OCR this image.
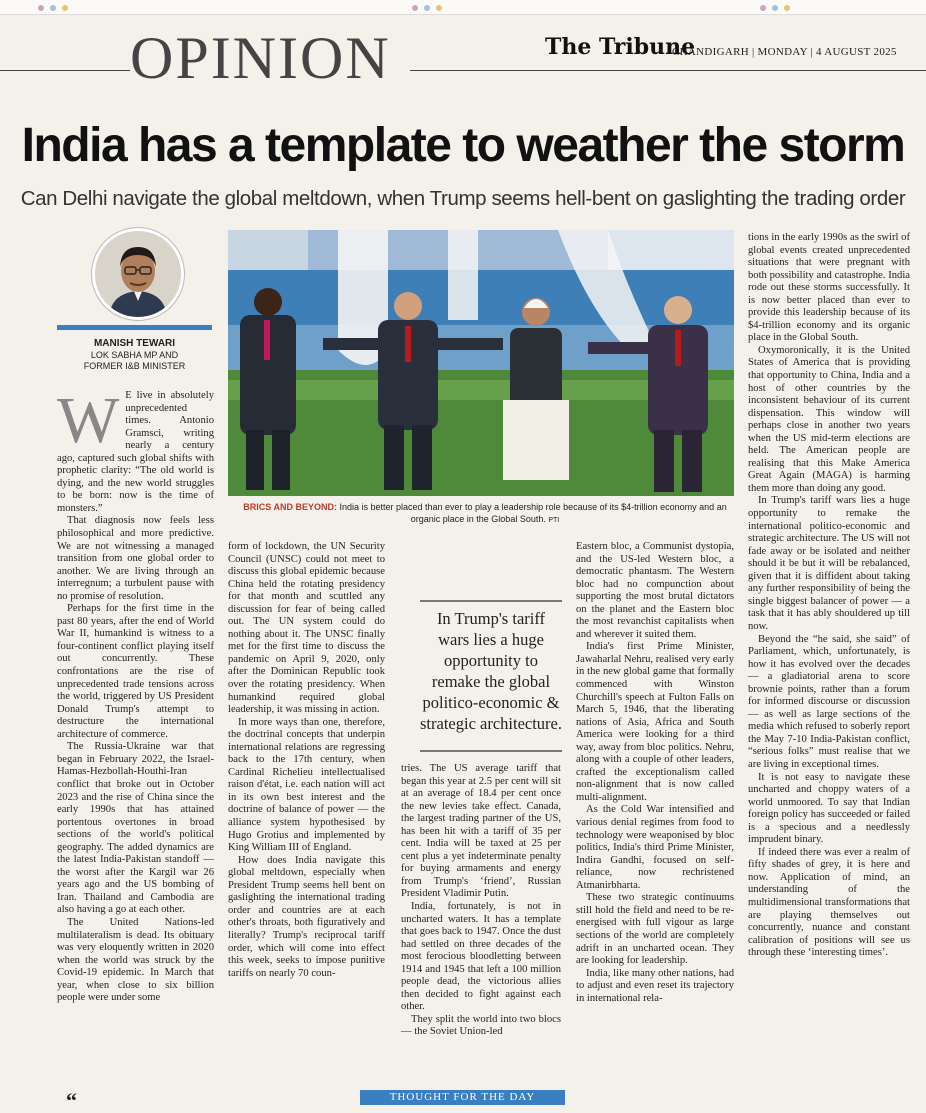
OPINION	The Tribune
CHANDIGARH | MONDAY | 4 AUGUST 2025
India has a template to weather the storm
Can Delhi navigate the global meltdown, when Trump seems hell-bent on gaslighting the trading order
MANISH TEWARI
LOK SABHA MP AND
FORMER I&B MINISTER
BRICS AND BEYOND: India is better placed than ever to play a leadership role because of its $4-trillion economy and an organic place in the Global South. PTI

W E live in absolutely unprecedented times. Antonio Gramsci, writing nearly a century ago, captured such global shifts with prophetic clarity: “The old world is dying, and the new world struggles to be born: now is the time of monsters.”

That diagnosis now feels less philosophical and more predictive. We are not witnessing a managed transition from one global order to another. We are living through an interregnum; a turbulent pause with no promise of resolution.

Perhaps for the first time in the past 80 years, after the end of World War II, humankind is witness to a four-continent conflict playing itself out concurrently. These confrontations are the rise of unprecedented trade tensions across the world, triggered by US President Donald Trump's attempt to destructure the international architecture of commerce.

The Russia-Ukraine war that began in February 2022, the Israel-Hamas-Hezbollah-Houthi-Iran conflict that broke out in October 2023 and the rise of China since the early 1990s that has attained portentous overtones in broad sections of the world's political geography. The added dynamics are the latest India-Pakistan standoff — the worst after the Kargil war 26 years ago and the US bombing of Iran. Thailand and Cambodia are also having a go at each other.

The United Nations-led multilateralism is dead. Its obituary was very eloquently written in 2020 when the world was struck by the Covid-19 epidemic. In March that year, when close to six billion people were under some

form of lockdown, the UN Security Council (UNSC) could not meet to discuss this global epidemic because China held the rotating presidency for that month and scuttled any discussion for fear of being called out. The UN system could do nothing about it. The UNSC finally met for the first time to discuss the pandemic on April 9, 2020, only after the Dominican Republic took over the rotating presidency. When humankind required global leadership, it was missing in action.

In more ways than one, therefore, the doctrinal concepts that underpin international relations are regressing back to the 17th century, when Cardinal Richelieu intellectualised raison d'état, i.e. each nation will act in its own best interest and the doctrine of balance of power — the alliance system hypothesised by Hugo Grotius and implemented by King William III of England.

How does India navigate this global meltdown, especially when President Trump seems hell bent on gaslighting the international trading order and countries are at each other's throats, both figuratively and literally? Trump's reciprocal tariff order, which will come into effect this week, seeks to impose punitive tariffs on nearly 70 coun-

In Trump's tariff wars lies a huge opportunity to remake the global politico-economic & strategic architecture.

tries. The US average tariff that began this year at 2.5 per cent will sit at an average of 18.4 per cent once the new levies take effect. Canada, the largest trading partner of the US, has been hit with a tariff of 35 per cent. India will be taxed at 25 per cent plus a yet indeterminate penalty for buying armaments and energy from Trump's ‘friend’, Russian President Vladimir Putin.

India, fortunately, is not in uncharted waters. It has a template that goes back to 1947. Once the dust had settled on three decades of the most ferocious bloodletting between 1914 and 1945 that left a 100 million people dead, the victorious allies then decided to fight against each other.

They split the world into two blocs — the Soviet Union-led

Eastern bloc, a Communist dystopia, and the US-led Western bloc, a democratic phantasm. The Western bloc had no compunction about supporting the most brutal dictators on the planet and the Eastern bloc the most revanchist capitalists when and wherever it suited them.

India's first Prime Minister, Jawaharlal Nehru, realised very early in the new global game that formally commenced with Winston Churchill's speech at Fulton Falls on March 5, 1946, that the liberating nations of Asia, Africa and South America were looking for a third way, away from bloc politics. Nehru, along with a couple of other leaders, crafted the exceptionalism called non-alignment that is now called multi-alignment.

As the Cold War intensified and various denial regimes from food to technology were weaponised by bloc politics, India's third Prime Minister, Indira Gandhi, focused on self-reliance, now rechristened Atmanirbharta.

These two strategic continuums still hold the field and need to be re-energised with full vigour as large sections of the world are completely adrift in an uncharted ocean. They are looking for leadership.

India, like many other nations, had to adjust and even reset its trajectory in international rela-

tions in the early 1990s as the swirl of global events created unprecedented situations that were pregnant with both possibility and catastrophe. India rode out these storms successfully. It is now better placed than ever to provide this leadership because of its $4-trillion economy and its organic place in the Global South.

Oxymoronically, it is the United States of America that is providing that opportunity to China, India and a host of other countries by the inconsistent behaviour of its current dispensation. This window will perhaps close in another two years when the US mid-term elections are held. The American people are realising that this Make America Great Again (MAGA) is harming them more than doing any good.

In Trump's tariff wars lies a huge opportunity to remake the international politico-economic and strategic architecture. The US will not fade away or be isolated and neither should it be but it will be rebalanced, given that it is diffident about taking any further responsibility of being the single biggest balancer of power — a task that it has ably shouldered up till now.

Beyond the “he said, she said” of Parliament, which, unfortunately, is how it has evolved over the decades — a gladiatorial arena to score brownie points, rather than a forum for informed discourse or discussion — as well as large sections of the media which refused to soberly report the May 7-10 India-Pakistan conflict, “serious folks” must realise that we are living in exceptional times.

It is not easy to navigate these uncharted and choppy waters of a world unmoored. To say that Indian foreign policy has succeeded or failed is a specious and a needlessly imprudent binary.

If indeed there was ever a realm of fifty shades of grey, it is here and now. Application of mind, an understanding of the multidimensional transformations that are playing themselves out concurrently, nuance and constant calibration of positions will see us through these ‘interesting times’.

“	THOUGHT FOR THE DAY
